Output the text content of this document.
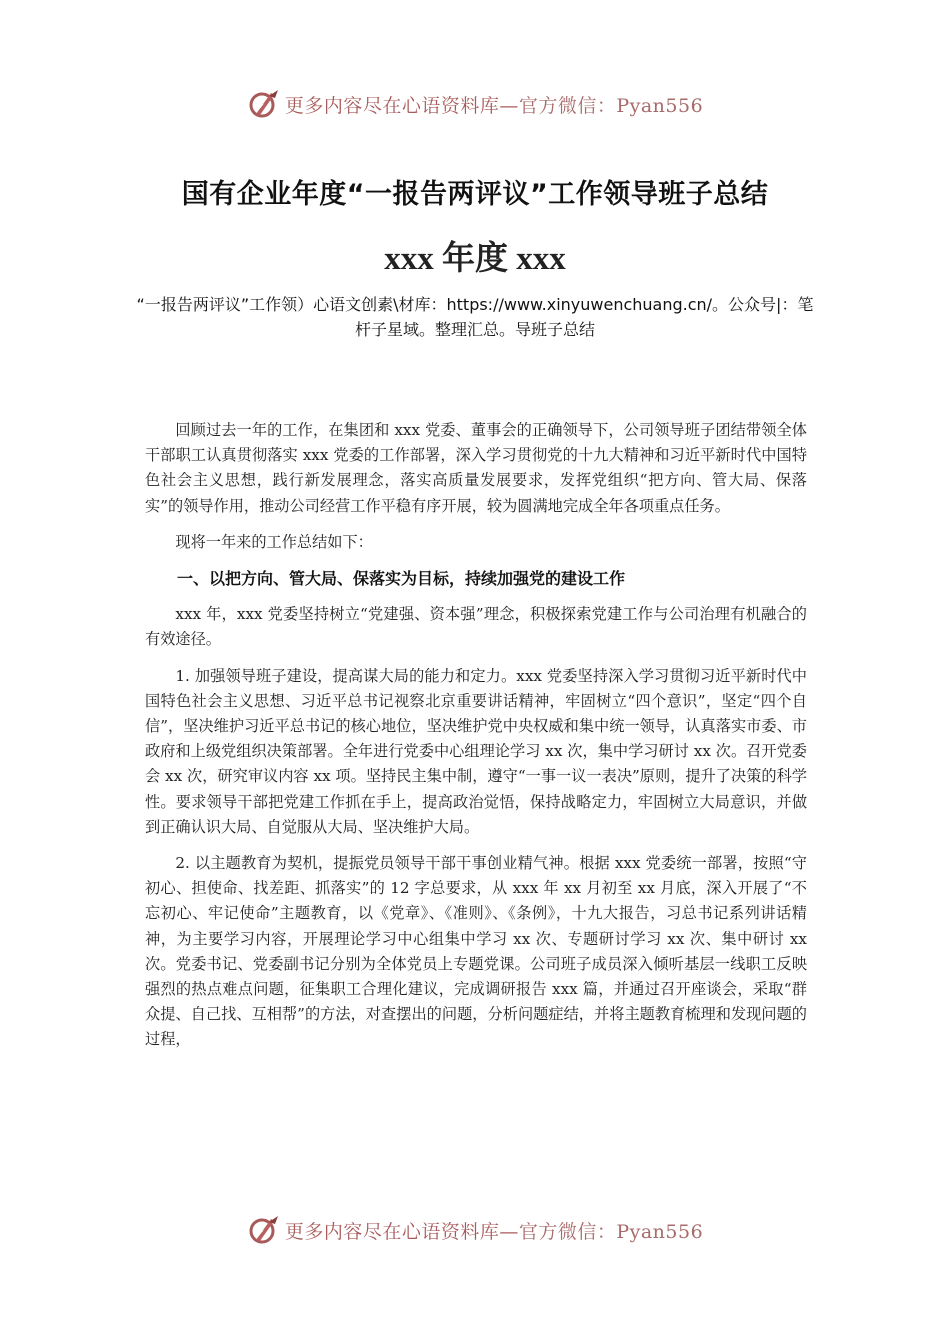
更多内容尽在心语资料库—官方微信：Pyan556
国有企业年度“一报告两评议”工作领导班子总结
xxx 年度 xxx
“一报告两评议”工作领）心语文创素\材库：https://www.xinyuwenchuang.cn/。公众号|：笔杆子星域。整理汇总。导班子总结

回顾过去一年的工作，在集团和 xxx 党委、董事会的正确领导下，公司领导班子团结带领全体干部职工认真贯彻落实 xxx 党委的工作部署，深入学习贯彻党的十九大精神和习近平新时代中国特色社会主义思想，践行新发展理念，落实高质量发展要求，发挥党组织“把方向、管大局、保落实”的领导作用，推动公司经营工作平稳有序开展，较为圆满地完成全年各项重点任务。

现将一年来的工作总结如下：

一、以把方向、管大局、保落实为目标，持续加强党的建设工作

xxx 年，xxx 党委坚持树立“党建强、资本强”理念，积极探索党建工作与公司治理有机融合的有效途径。

1. 加强领导班子建设，提高谋大局的能力和定力。xxx 党委坚持深入学习贯彻习近平新时代中国特色社会主义思想、习近平总书记视察北京重要讲话精神，牢固树立“四个意识”，坚定“四个自信”，坚决维护习近平总书记的核心地位，坚决维护党中央权威和集中统一领导，认真落实市委、市政府和上级党组织决策部署。全年进行党委中心组理论学习 xx 次，集中学习研讨 xx 次。召开党委会 xx 次，研究审议内容 xx 项。坚持民主集中制，遵守“一事一议一表决”原则，提升了决策的科学性。要求领导干部把党建工作抓在手上，提高政治觉悟，保持战略定力，牢固树立大局意识，并做到正确认识大局、自觉服从大局、坚决维护大局。

2. 以主题教育为契机，提振党员领导干部干事创业精气神。根据 xxx 党委统一部署，按照“守初心、担使命、找差距、抓落实”的 12 字总要求，从 xxx 年 xx 月初至 xx 月底，深入开展了“不忘初心、牢记使命”主题教育，以《党章》、《准则》、《条例》，十九大报告，习总书记系列讲话精神，为主要学习内容，开展理论学习中心组集中学习 xx 次、专题研讨学习 xx 次、集中研讨 xx 次。党委书记、党委副书记分别为全体党员上专题党课。公司班子成员深入倾听基层一线职工反映强烈的热点难点问题，征集职工合理化建议，完成调研报告 xxx 篇，并通过召开座谈会，采取“群众提、自己找、互相帮”的方法，对查摆出的问题，分析问题症结，并将主题教育梳理和发现问题的过程，

更多内容尽在心语资料库—官方微信：Pyan556
